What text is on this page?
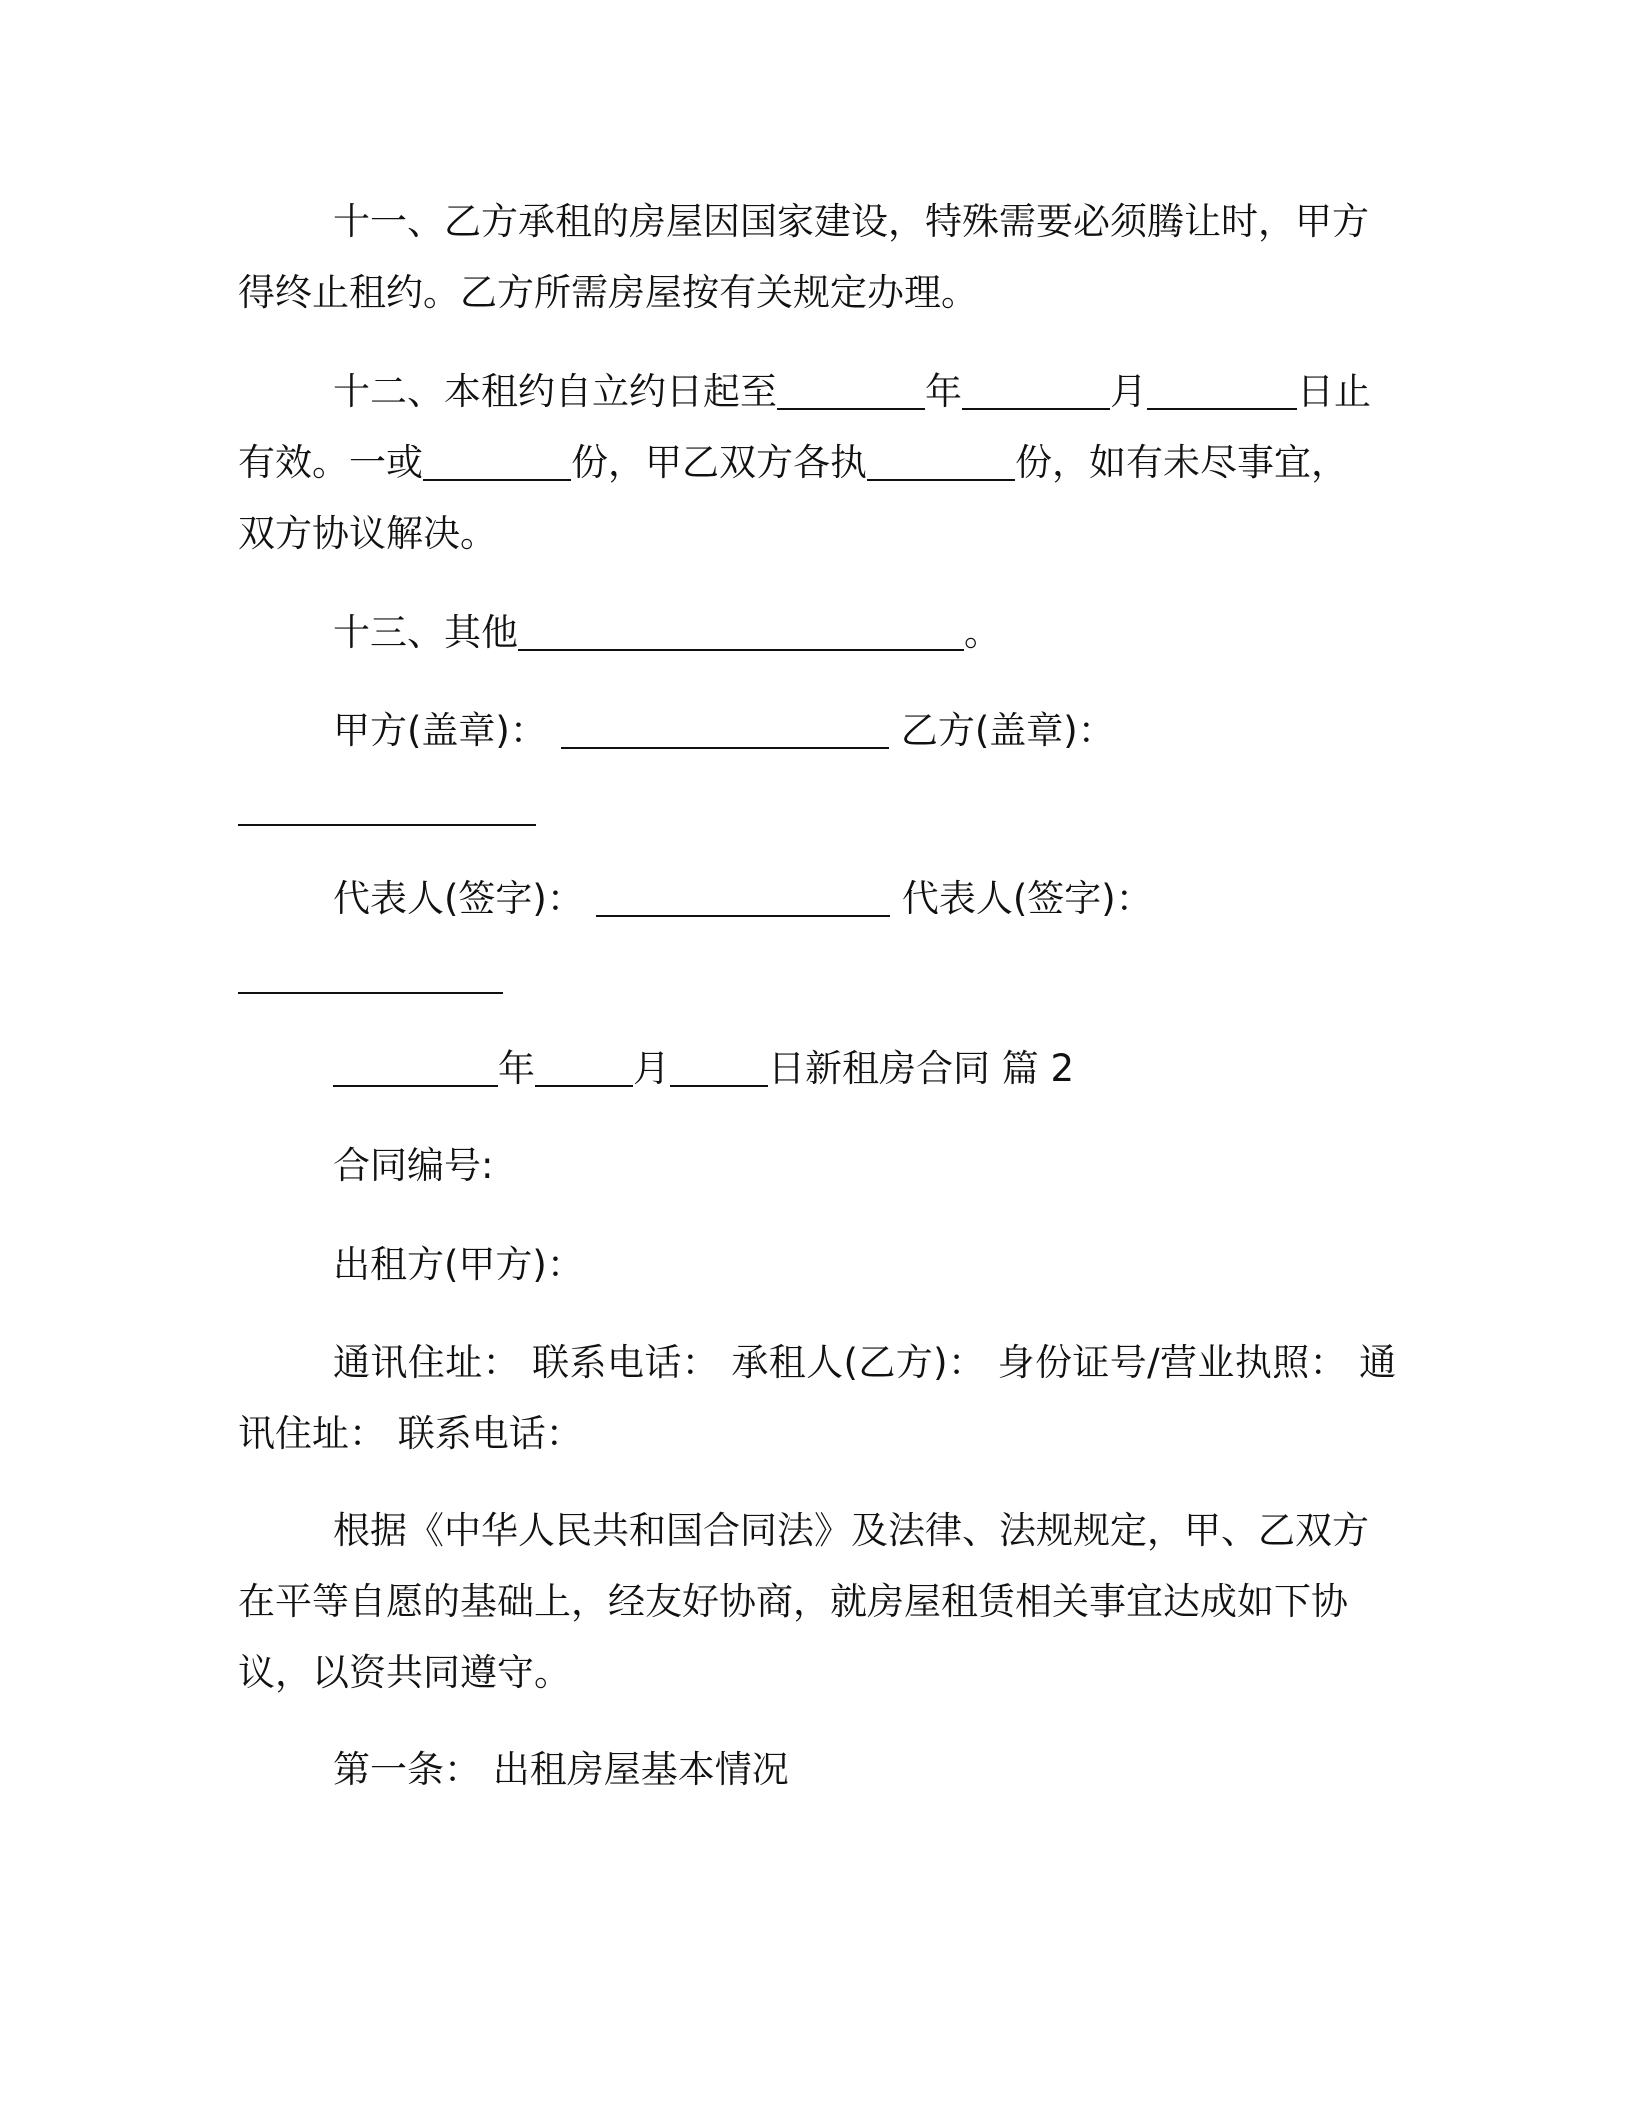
十一、乙方承租的房屋因国家建设，特殊需要必须腾让时，甲方
得终止租约。乙方所需房屋按有关规定办理。
十二、本租约自立约日起至	年	月	日止
有效。一或	份，甲乙双方各执	份，如有未尽事宜，
双方协议解决。
十三、其他	。
甲方(盖章)：	乙方(盖章)：
代表人(签字)：	代表人(签字)：
年	月	日新租房合同 篇 2
合同编号:
出租方(甲方)：
通讯住址： 联系电话： 承租人(乙方)： 身份证号/营业执照： 通
讯住址： 联系电话：
根据《中华人民共和国合同法》及法律、法规规定，甲、乙双方
在平等自愿的基础上，经友好协商，就房屋租赁相关事宜达成如下协
议，以资共同遵守。
第一条： 出租房屋基本情况
